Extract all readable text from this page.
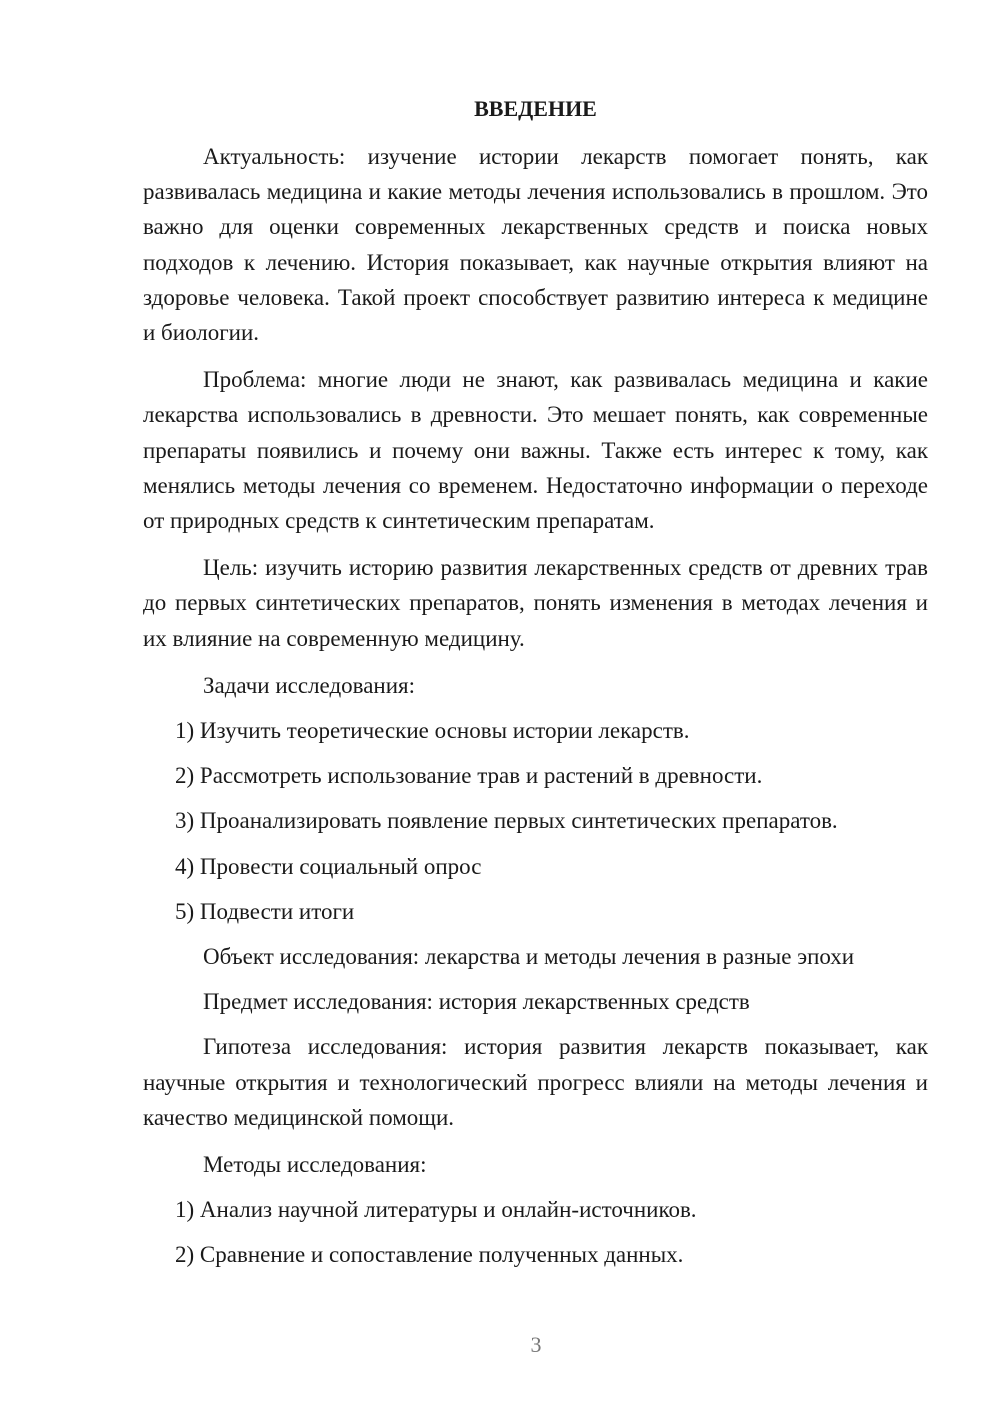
ВВЕДЕНИЕ

Актуальность: изучение истории лекарств помогает понять, как развивалась медицина и какие методы лечения использовались в прошлом. Это важно для оценки современных лекарственных средств и поиска новых подходов к лечению. История показывает, как научные открытия влияют на здоровье человека. Такой проект способствует развитию интереса к медицине и биологии.

Проблема: многие люди не знают, как развивалась медицина и какие лекарства использовались в древности. Это мешает понять, как современные препараты появились и почему они важны. Также есть интерес к тому, как менялись методы лечения со временем. Недостаточно информации о переходе от природных средств к синтетическим препаратам.

Цель: изучить историю развития лекарственных средств от древних трав до первых синтетических препаратов, понять изменения в методах лечения и их влияние на современную медицину.

Задачи исследования:
1) Изучить теоретические основы истории лекарств.
2) Рассмотреть использование трав и растений в древности.
3) Проанализировать появление первых синтетических препаратов.
4) Провести социальный опрос
5) Подвести итоги
Объект исследования: лекарства и методы лечения в разные эпохи
Предмет исследования: история лекарственных средств

Гипотеза исследования: история развития лекарств показывает, как научные открытия и технологический прогресс влияли на методы лечения и качество медицинской помощи.

Методы исследования:
1) Анализ научной литературы и онлайн-источников.
2) Сравнение и сопоставление полученных данных.
3
